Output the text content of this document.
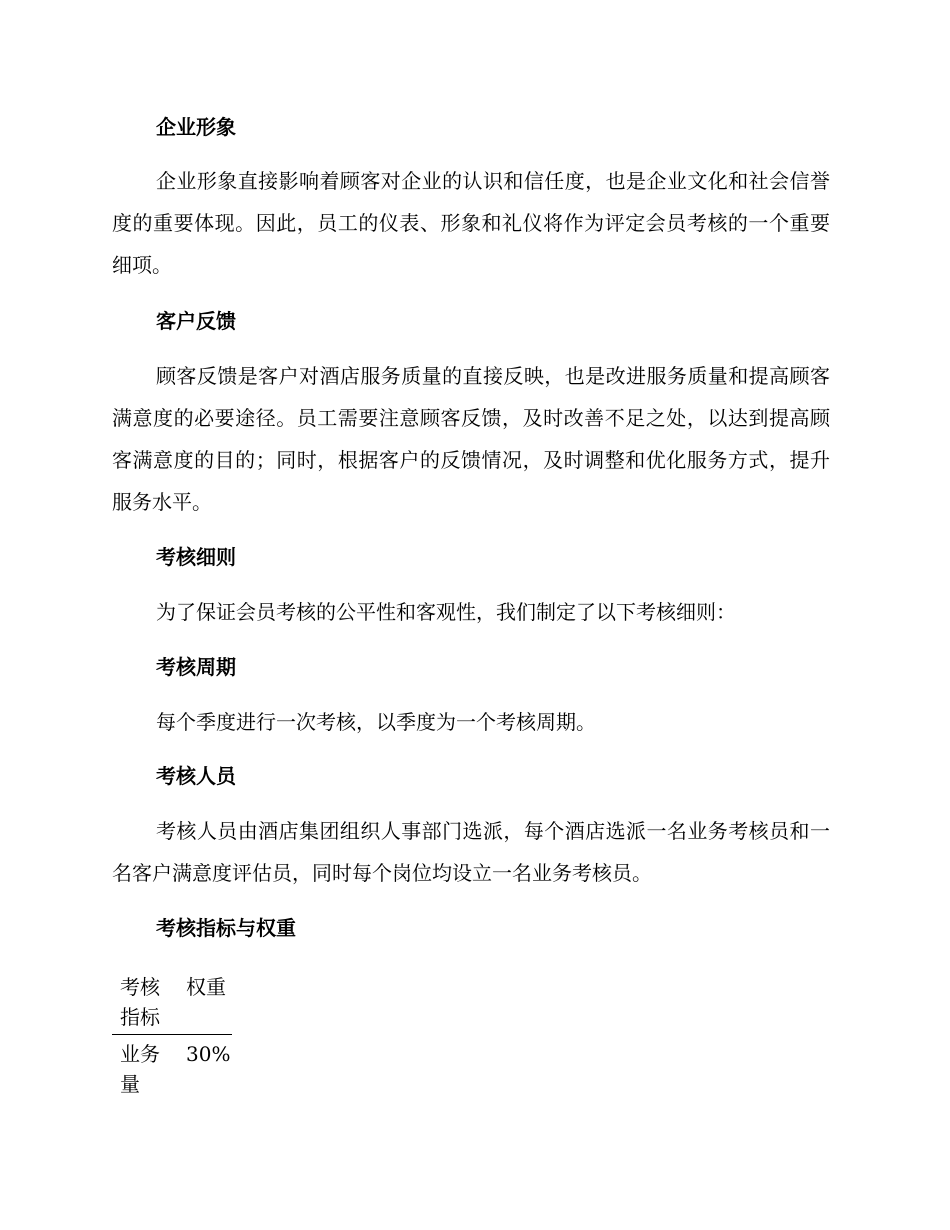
企业形象

企业形象直接影响着顾客对企业的认识和信任度，也是企业文化和社会信誉度的重要体现。因此，员工的仪表、形象和礼仪将作为评定会员考核的一个重要细项。

客户反馈

顾客反馈是客户对酒店服务质量的直接反映，也是改进服务质量和提高顾客满意度的必要途径。员工需要注意顾客反馈，及时改善不足之处，以达到提高顾客满意度的目的；同时，根据客户的反馈情况，及时调整和优化服务方式，提升服务水平。

考核细则

为了保证会员考核的公平性和客观性，我们制定了以下考核细则：

考核周期

每个季度进行一次考核，以季度为一个考核周期。

考核人员

考核人员由酒店集团组织人事部门选派，每个酒店选派一名业务考核员和一名客户满意度评估员，同时每个岗位均设立一名业务考核员。

考核指标与权重
考核指标
权重
业务量
30%
